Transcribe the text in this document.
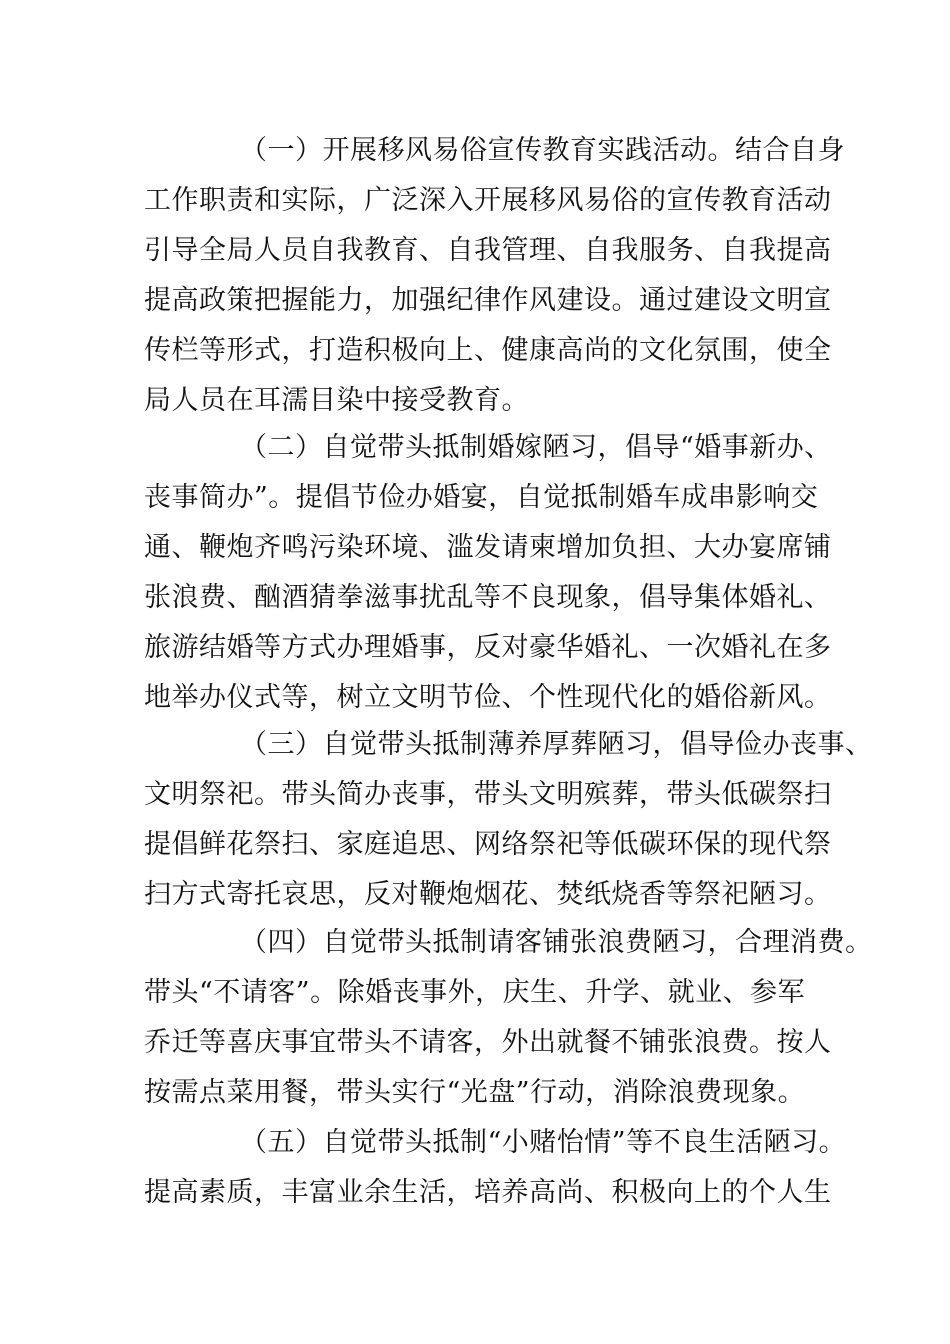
（一）开展移风易俗宣传教育实践活动。结合自身
工作职责和实际，广泛深入开展移风易俗的宣传教育活动
引导全局人员自我教育、自我管理、自我服务、自我提高
提高政策把握能力，加强纪律作风建设。通过建设文明宣
传栏等形式，打造积极向上、健康高尚的文化氛围，使全
局人员在耳濡目染中接受教育。
（二）自觉带头抵制婚嫁陋习，倡导“婚事新办、
丧事简办”。提倡节俭办婚宴，自觉抵制婚车成串影响交
通、鞭炮齐鸣污染环境、滥发请柬增加负担、大办宴席铺
张浪费、酗酒猜拳滋事扰乱等不良现象，倡导集体婚礼、
旅游结婚等方式办理婚事，反对豪华婚礼、一次婚礼在多
地举办仪式等，树立文明节俭、个性现代化的婚俗新风。
（三）自觉带头抵制薄养厚葬陋习，倡导俭办丧事、
文明祭祀。带头简办丧事，带头文明殡葬，带头低碳祭扫
提倡鲜花祭扫、家庭追思、网络祭祀等低碳环保的现代祭
扫方式寄托哀思，反对鞭炮烟花、焚纸烧香等祭祀陋习。
（四）自觉带头抵制请客铺张浪费陋习，合理消费。
带头“不请客”。除婚丧事外，庆生、升学、就业、参军
乔迁等喜庆事宜带头不请客，外出就餐不铺张浪费。按人
按需点菜用餐，带头实行“光盘”行动，消除浪费现象。
（五）自觉带头抵制“小赌怡情”等不良生活陋习。
提高素质，丰富业余生活，培养高尚、积极向上的个人生
